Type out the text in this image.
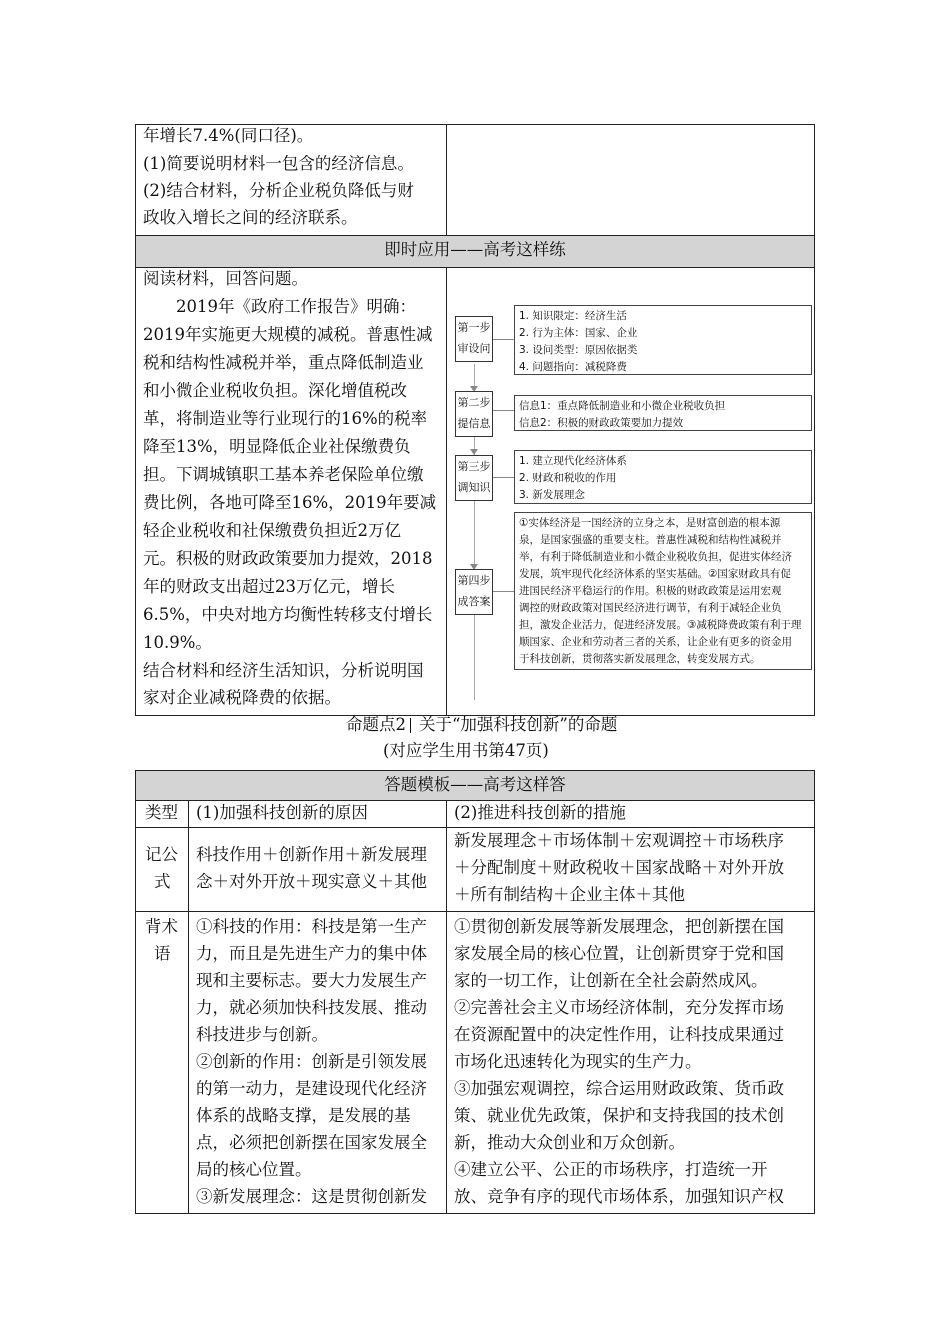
年增长7.4%(同口径)。
(1)简要说明材料一包含的经济信息。
(2)结合材料，分析企业税负降低与财
政收入增长之间的经济联系。
即时应用——高考这样练
阅读材料，回答问题。
　　2019年《政府工作报告》明确：
2019年实施更大规模的减税。普惠性减
税和结构性减税并举，重点降低制造业
和小微企业税收负担。深化增值税改
革，将制造业等行业现行的16%的税率
降至13%，明显降低企业社保缴费负
担。下调城镇职工基本养老保险单位缴
费比例，各地可降至16%，2019年要减
轻企业税收和社保缴费负担近2万亿
元。积极的财政政策要加力提效，2018
年的财政支出超过23万亿元，增长
6.5%，中央对地方均衡性转移支付增长
10.9%。
结合材料和经济生活知识，分析说明国
家对企业减税降费的依据。
第一步
审设问
第二步
提信息
第三步
调知识
第四步
成答案
1. 知识限定：经济生活
2. 行为主体：国家、企业
3. 设问类型：原因依据类
4. 问题指向：减税降费
信息1：重点降低制造业和小微企业税收负担
信息2：积极的财政政策要加力提效
1. 建立现代化经济体系
2. 财政和税收的作用
3. 新发展理念
①实体经济是一国经济的立身之本，是财富创造的根本源
泉，是国家强盛的重要支柱。普惠性减税和结构性减税并
举，有利于降低制造业和小微企业税收负担，促进实体经济
发展，筑牢现代化经济体系的坚实基础。②国家财政具有促
进国民经济平稳运行的作用。积极的财政政策是运用宏观
调控的财政政策对国民经济进行调节，有利于减轻企业负
担，激发企业活力，促进经济发展。③减税降费政策有利于理
顺国家、企业和劳动者三者的关系，让企业有更多的资金用
于科技创新，贯彻落实新发展理念，转变发展方式。
命题点2 关于“加强科技创新”的命题
(对应学生用书第47页)
答题模板——高考这样答
类型 (1)加强科技创新的原因	(2)推进科技创新的措施
记公
式
科技作用＋创新作用＋新发展理
念＋对外开放＋现实意义＋其他
新发展理念＋市场体制＋宏观调控＋市场秩序
＋分配制度＋财政税收＋国家战略＋对外开放
＋所有制结构＋企业主体＋其他
背术
语
①科技的作用：科技是第一生产
力，而且是先进生产力的集中体
现和主要标志。要大力发展生产
力，就必须加快科技发展、推动
科技进步与创新。
②创新的作用：创新是引领发展
的第一动力，是建设现代化经济
体系的战略支撑，是发展的基
点，必须把创新摆在国家发展全
局的核心位置。
③新发展理念：这是贯彻创新发
①贯彻创新发展等新发展理念，把创新摆在国
家发展全局的核心位置，让创新贯穿于党和国
家的一切工作，让创新在全社会蔚然成风。
②完善社会主义市场经济体制，充分发挥市场
在资源配置中的决定性作用，让科技成果通过
市场化迅速转化为现实的生产力。
③加强宏观调控，综合运用财政政策、货币政
策、就业优先政策，保护和支持我国的技术创
新，推动大众创业和万众创新。
④建立公平、公正的市场秩序，打造统一开
放、竞争有序的现代市场体系，加强知识产权
